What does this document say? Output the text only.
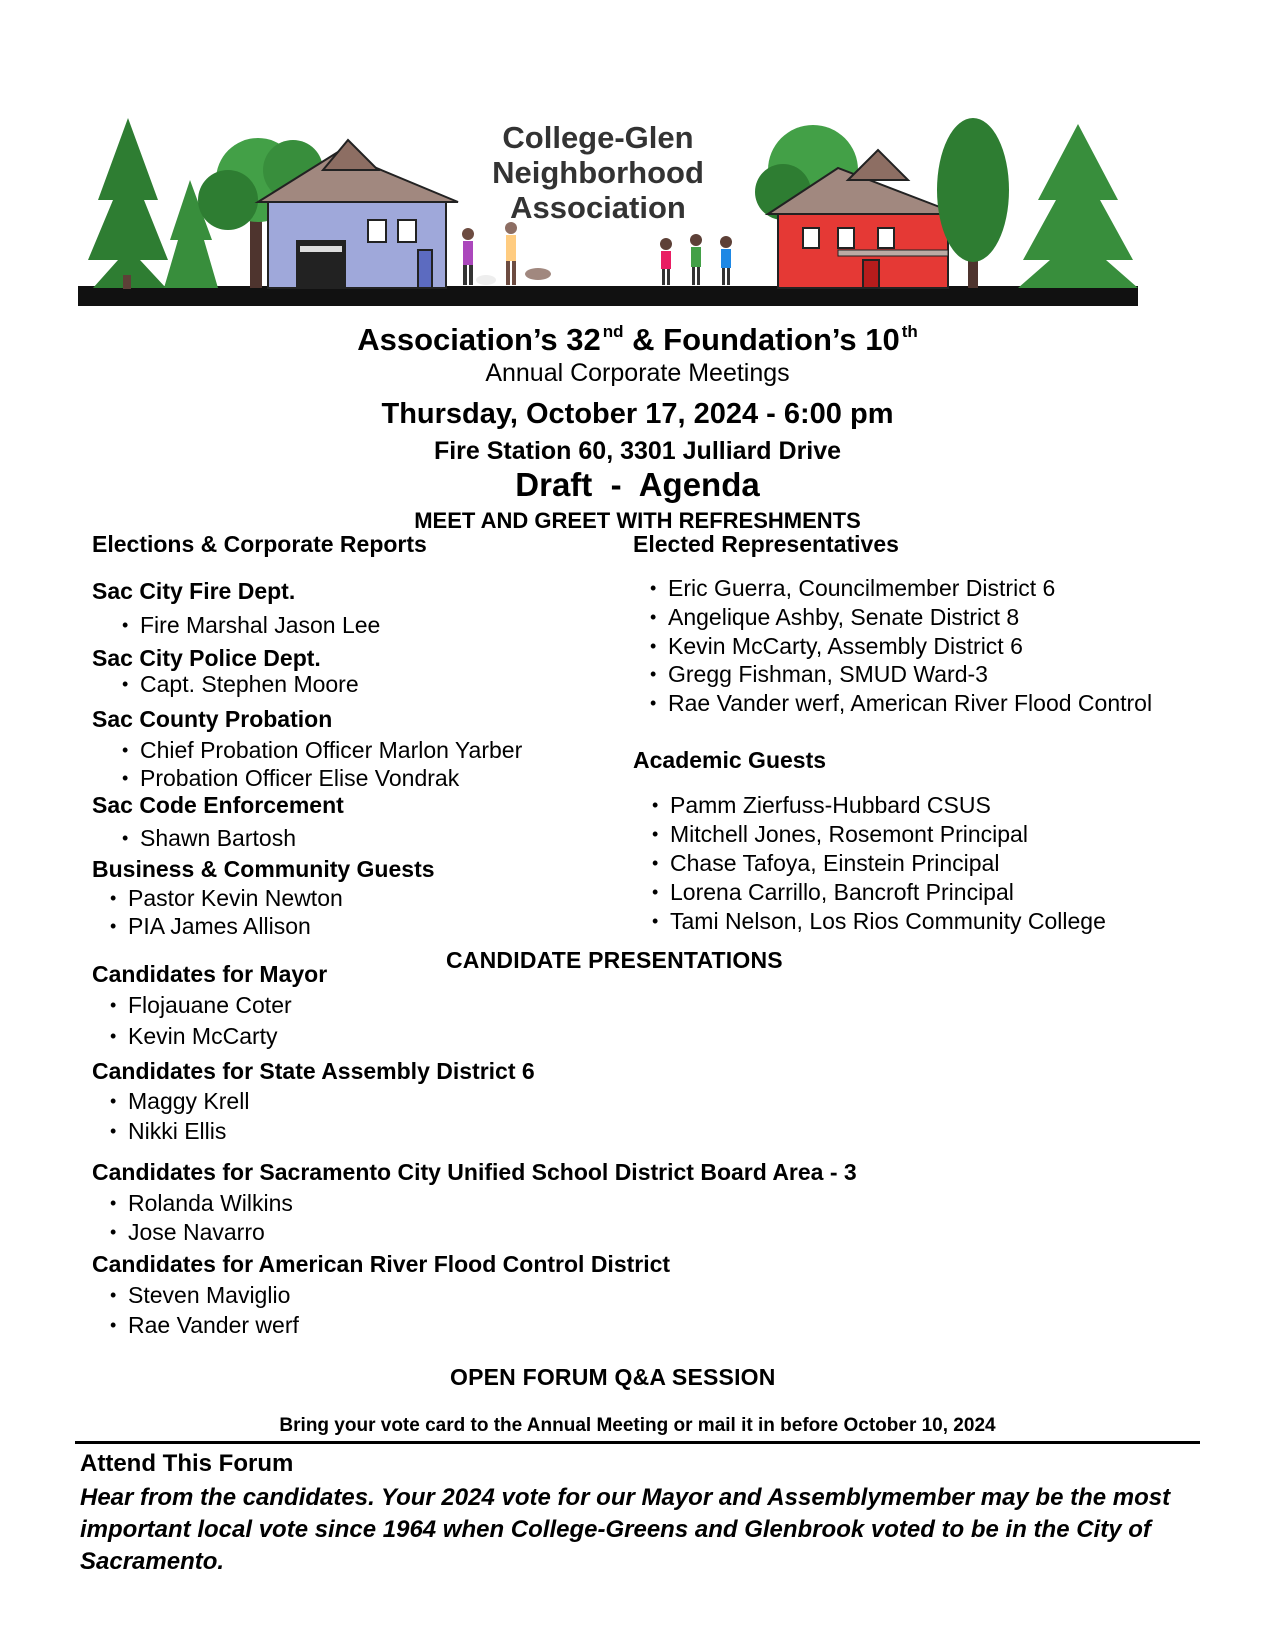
College-Glen
Neighborhood
Association
Association’s 32 $^{nd}$ & Foundation’s 10 $^{th}$
Annual Corporate Meetings
Thursday, October 17, 2024 - 6:00 pm
Fire Station 60, 3301 Julliard Drive
Draft  -  Agenda
MEET AND GREET WITH REFRESHMENTS
Elections & Corporate Reports
Sac City Fire Dept.
• Fire Marshal Jason Lee
Sac City Police Dept.
• Capt. Stephen Moore
Sac County Probation
• Chief Probation Officer Marlon Yarber
• Probation Officer Elise Vondrak
Sac Code Enforcement
• Shawn Bartosh
Business & Community Guests
• Pastor Kevin Newton
• PIA James Allison
Elected Representatives
• Eric Guerra, Councilmember District 6
• Angelique Ashby, Senate District 8
• Kevin McCarty, Assembly District 6
• Gregg Fishman, SMUD Ward-3
• Rae Vander werf, American River Flood Control
Academic Guests
• Pamm Zierfuss-Hubbard CSUS
• Mitchell Jones, Rosemont Principal
• Chase Tafoya, Einstein Principal
• Lorena Carrillo, Bancroft Principal
• Tami Nelson, Los Rios Community College
CANDIDATE PRESENTATIONS
Candidates for Mayor
• Flojauane Coter
• Kevin McCarty
Candidates for State Assembly District 6
• Maggy Krell
• Nikki Ellis
Candidates for Sacramento City Unified School District Board Area - 3
• Rolanda Wilkins
• Jose Navarro
Candidates for American River Flood Control District
• Steven Maviglio
• Rae Vander werf
OPEN FORUM Q&A SESSION
Bring your vote card to the Annual Meeting or mail it in before October 10, 2024
Attend This Forum
Hear from the candidates. Your 2024 vote for our Mayor and Assemblymember may be the most important local vote since 1964 when College-Greens and Glenbrook voted to be in the City of Sacramento.
